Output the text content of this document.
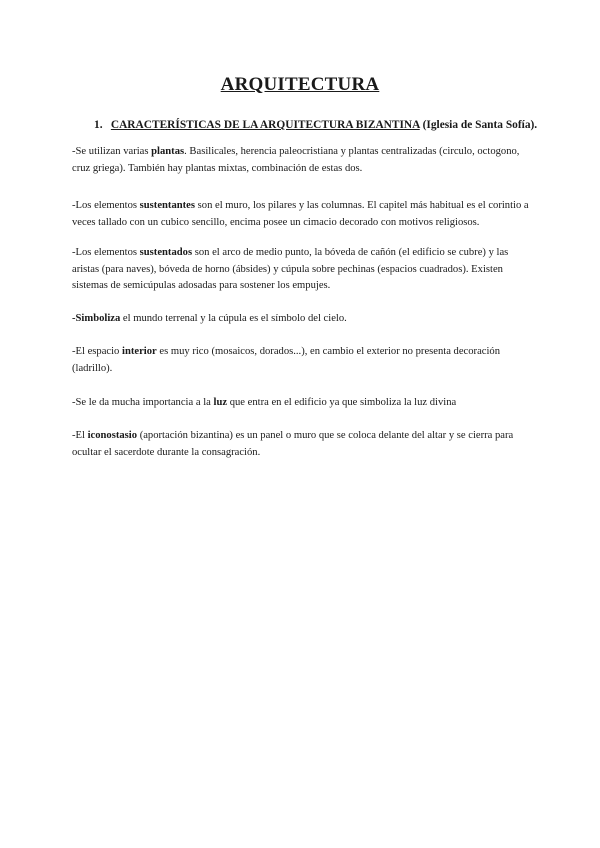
ARQUITECTURA
1. CARACTERÍSTICAS DE LA ARQUITECTURA BIZANTINA (Iglesia de Santa Sofía).

-Se utilizan varias plantas. Basilicales, herencia paleocristiana y plantas centralizadas (circulo, octogono, cruz griega). También hay plantas mixtas, combinación de estas dos.

-Los elementos sustentantes son el muro, los pilares y las columnas. El capitel más habitual es el corintio a veces tallado con un cubico sencillo, encima posee un cimacio decorado con motivos religiosos.

-Los elementos sustentados son el arco de medio punto, la bóveda de cañón (el edificio se cubre) y las aristas (para naves), bóveda de horno (ábsides) y cúpula sobre pechinas (espacios cuadrados). Existen sistemas de semicúpulas adosadas para sostener los empujes.

-Simboliza el mundo terrenal y la cúpula es el símbolo del cielo.

-El espacio interior es muy rico (mosaicos, dorados...), en cambio el exterior no presenta decoración (ladrillo).

-Se le da mucha importancia a la luz que entra en el edificio ya que simboliza la luz divina

-El iconostasio (aportación bizantina) es un panel o muro que se coloca delante del altar y se cierra para ocultar el sacerdote durante la consagración.
